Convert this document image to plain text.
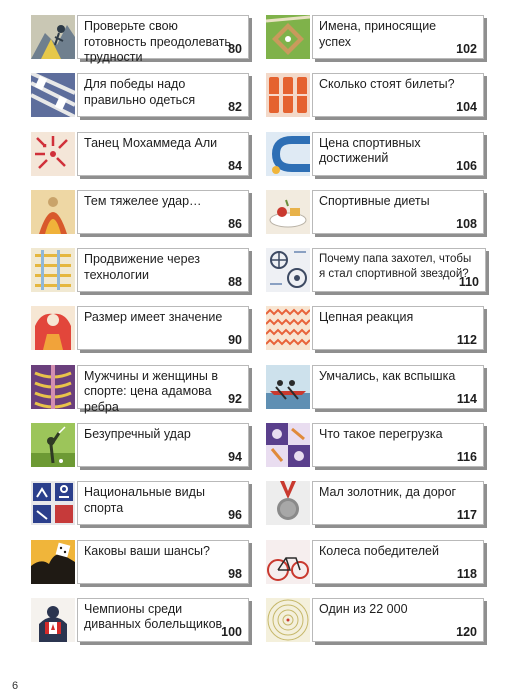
Проверьте свою готовность преодолевать трудности
80
Для победы надо правильно одеться
82
Танец Мохаммеда Али
84
Тем тяжелее удар…
86
Продвижение через технологии
88
Размер имеет значение
90
Мужчины и женщины в спорте: цена адамова ребра
92
Безупречный удар
94
Национальные виды спорта
96
Каковы ваши шансы?
98
Чемпионы среди диванных болельщиков
100
Имена, приносящие успех
102
Сколько стоят билеты?
104
Цена спортивных достижений
106
Спортивные диеты
108
Почему папа захотел, чтобы я стал спортивной звездой?
110
Цепная реакция
112
Умчались, как вспышка
114
Что такое перегрузка
116
Мал золотник, да дорог
117
Колеса победителей
118
Один из 22 000
120
6
